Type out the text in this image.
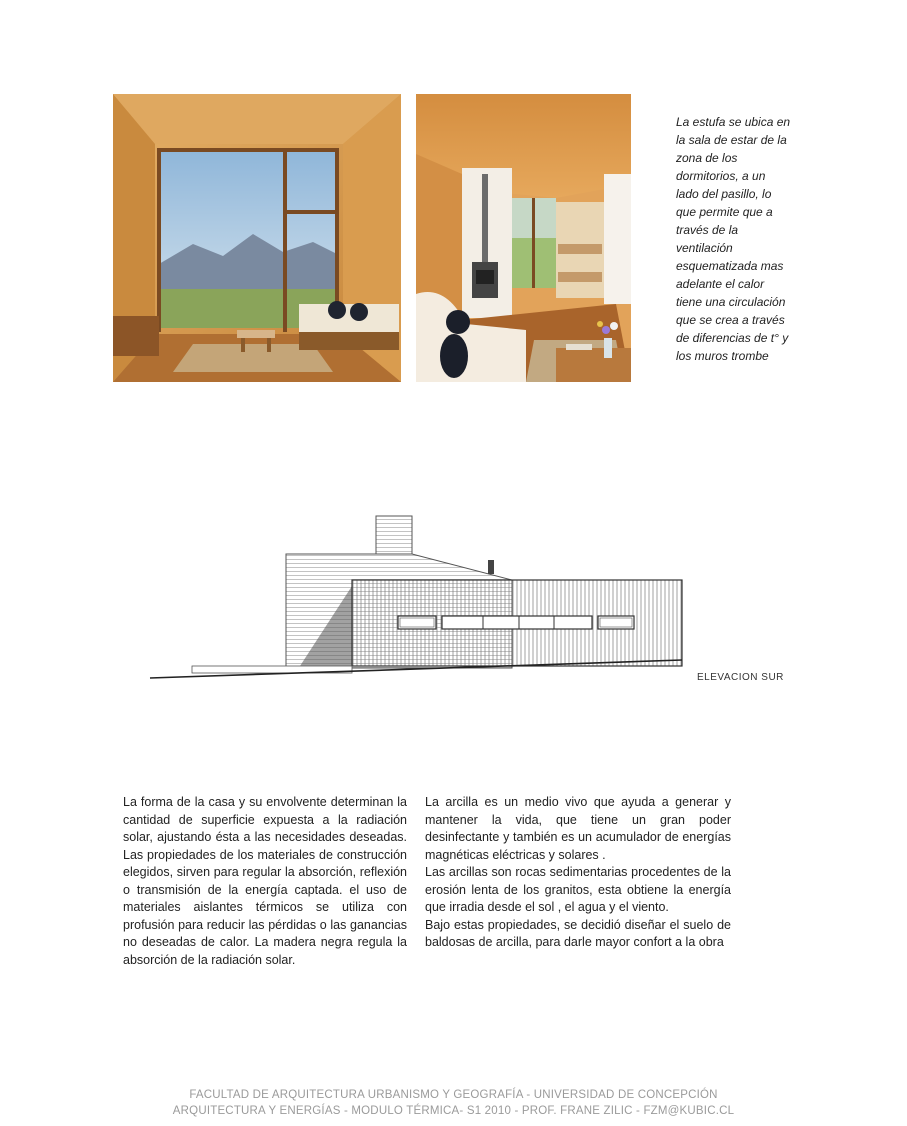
La estufa se ubica en
la sala de estar de la
zona de los
dormitorios, a un
lado del pasillo, lo
que permite que a
través de la
ventilación
esquematizada mas
adelante el calor
tiene una circulación
que se crea a través
de diferencias de t° y
los muros trombe
ELEVACION SUR

La forma de la casa y su envolvente determinan la cantidad de superficie expuesta a la radiación solar, ajustando ésta a las necesidades deseadas. Las propiedades de los materiales de construcción elegidos, sirven para regular la absorción, reflexión o transmisión de la energía captada. el uso de materiales aislantes térmicos se utiliza con profusión para reducir las pérdidas o las ganancias no deseadas de calor. La madera negra regula la absorción de la radiación solar.

La arcilla es un medio vivo que ayuda a generar y mantener la vida, que tiene un gran poder desinfectante y también es un acumulador de energías magnéticas eléctricas y solares .

Las arcillas son rocas sedimentarias procedentes de la erosión lenta de los granitos, esta obtiene la energía que irradia desde el sol , el agua y el viento.

Bajo estas propiedades, se decidió diseñar el suelo de baldosas de arcilla, para darle mayor confort a la obra

FACULTAD DE ARQUITECTURA URBANISMO Y GEOGRAFÍA - UNIVERSIDAD DE CONCEPCIÓN
ARQUITECTURA Y ENERGÍAS - MODULO TÉRMICA- S1 2010 - PROF. FRANE ZILIC - FZM@KUBIC.CL
